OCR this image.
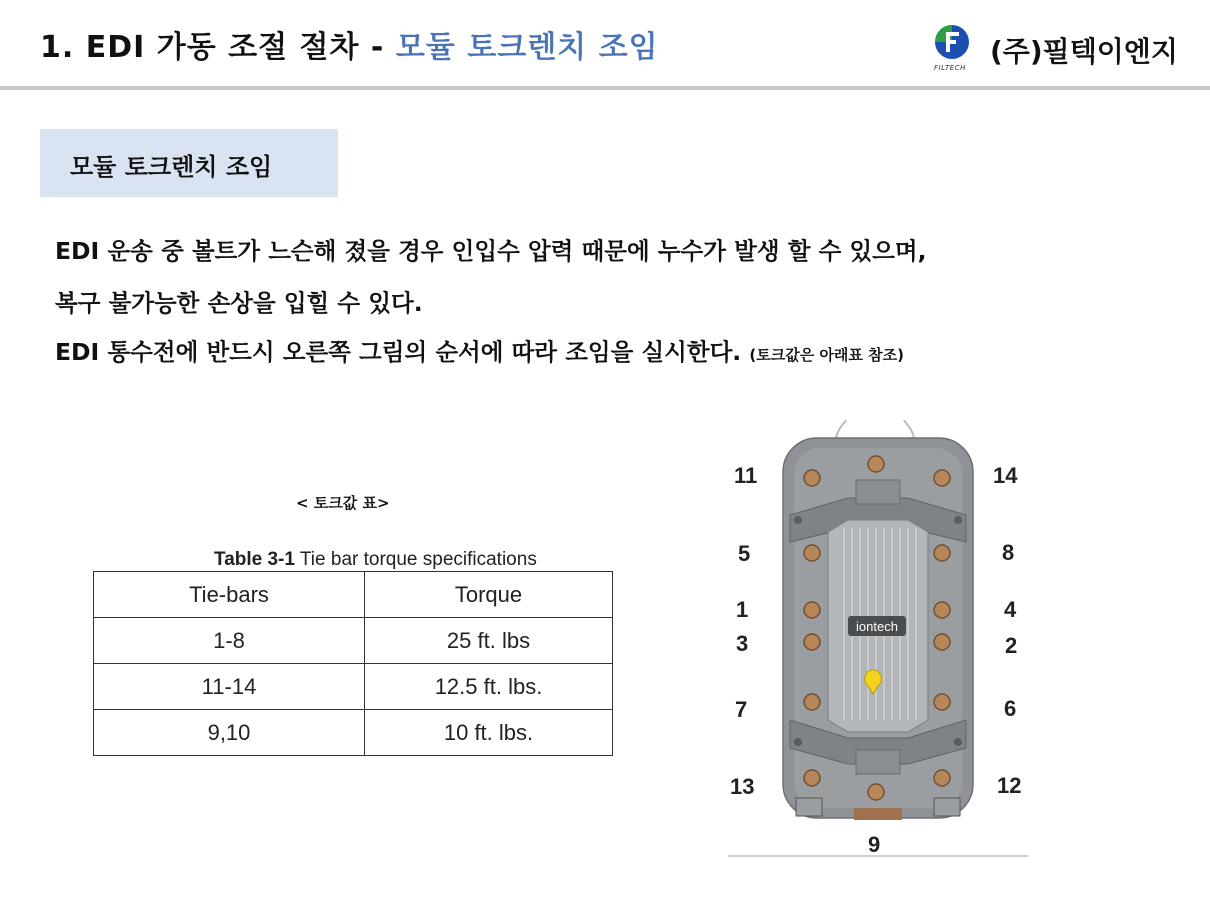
1. EDI 가동 조절 절차 - 모듈 토크렌치 조임
FILTECH (주)필텍이엔지
모듈 토크렌치 조임
EDI 운송 중 볼트가 느슨해 졌을 경우 인입수 압력 때문에 누수가 발생 할 수 있으며,
복구 불가능한 손상을 입힐 수 있다.
EDI 통수전에 반드시 오른쪽 그림의 순서에 따라 조임을 실시한다. (토크값은 아래표 참조)
< 토크값 표>
Table 3-1 Tie bar torque specifications
Tie-bars	Torque
1-8	25 ft. lbs
11-14	12.5 ft. lbs.
9,10	10 ft. lbs.
iontech
11	14
5	8
1	4
3	2
7	6
13	12
9
